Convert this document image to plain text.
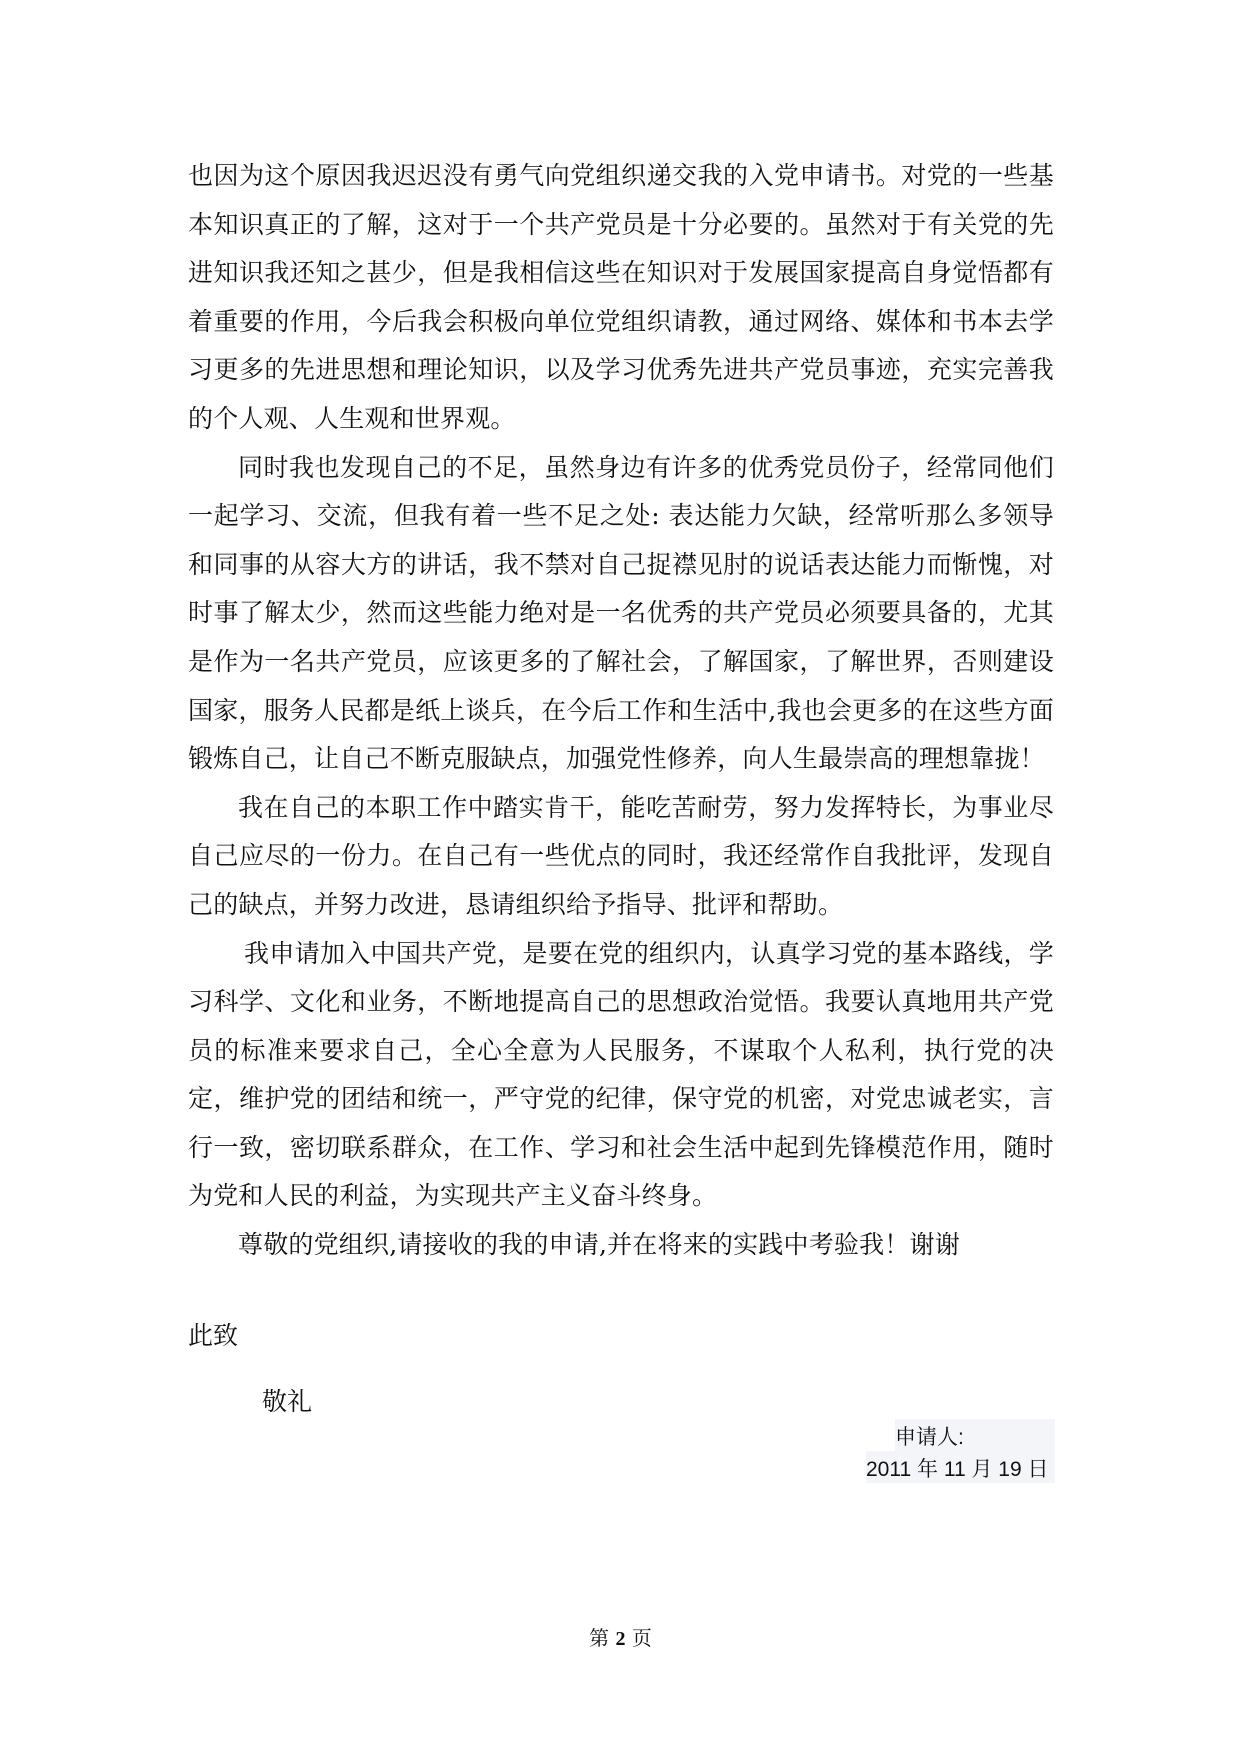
也因为这个原因我迟迟没有勇气向党组织递交我的入党申请书。对党的一些基本知识真正的了解，这对于一个共产党员是十分必要的。虽然对于有关党的先进知识我还知之甚少，但是我相信这些在知识对于发展国家提高自身觉悟都有着重要的作用，今后我会积极向单位党组织请教，通过网络、媒体和书本去学习更多的先进思想和理论知识，以及学习优秀先进共产党员事迹，充实完善我的个人观、人生观和世界观。

同时我也发现自己的不足，虽然身边有许多的优秀党员份子，经常同他们一起学习、交流，但我有着一些不足之处: 表达能力欠缺，经常听那么多领导和同事的从容大方的讲话，我不禁对自己捉襟见肘的说话表达能力而惭愧，对时事了解太少，然而这些能力绝对是一名优秀的共产党员必须要具备的，尤其是作为一名共产党员，应该更多的了解社会，了解国家，了解世界，否则建设国家，服务人民都是纸上谈兵，在今后工作和生活中,我也会更多的在这些方面锻炼自己，让自己不断克服缺点，加强党性修养，向人生最崇高的理想靠拢！

我在自己的本职工作中踏实肯干，能吃苦耐劳，努力发挥特长，为事业尽自己应尽的一份力。在自己有一些优点的同时，我还经常作自我批评，发现自己的缺点，并努力改进，恳请组织给予指导、批评和帮助。

我申请加入中国共产党，是要在党的组织内，认真学习党的基本路线，学习科学、文化和业务，不断地提高自己的思想政治觉悟。我要认真地用共产党员的标准来要求自己，全心全意为人民服务，不谋取个人私利，执行党的决定，维护党的团结和统一，严守党的纪律，保守党的机密，对党忠诚老实，言行一致，密切联系群众，在工作、学习和社会生活中起到先锋模范作用，随时为党和人民的利益，为实现共产主义奋斗终身。

尊敬的党组织,请接收的我的申请,并在将来的实践中考验我！谢谢

此致
敬礼
申请人:
2011 年 11 月 19 日
第 2 页
